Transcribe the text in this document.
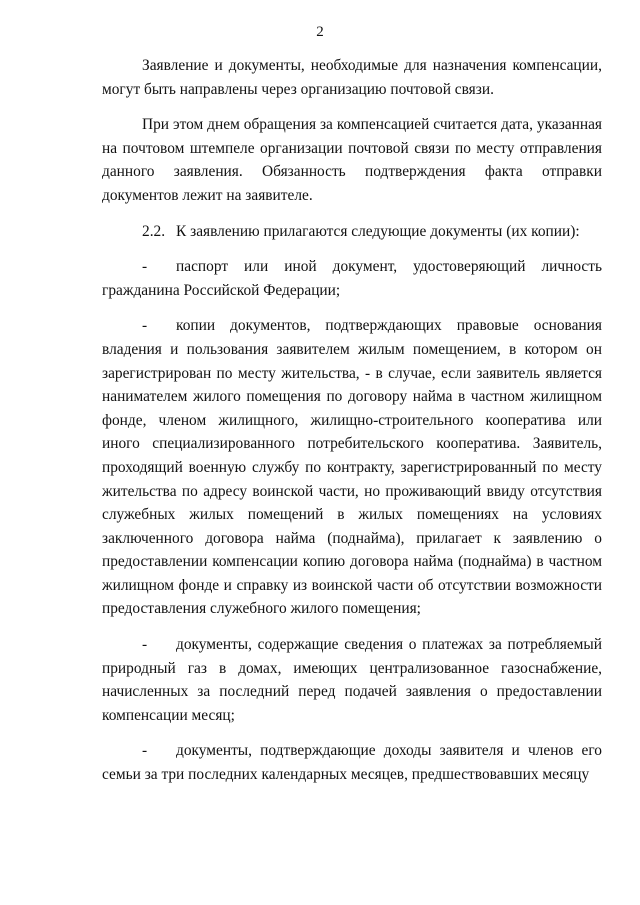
2

Заявление и документы, необходимые для назначения компенсации, могут быть направлены через организацию почтовой связи.

При этом днем обращения за компенсацией считается дата, указанная на почтовом штемпеле организации почтовой связи по месту отправления данного заявления. Обязанность подтверждения факта отправки документов лежит на заявителе.

2.2. К заявлению прилагаются следующие документы (их копии):

- паспорт или иной документ, удостоверяющий личность гражданина Российской Федерации;

- копии документов, подтверждающих правовые основания владения и пользования заявителем жилым помещением, в котором он зарегистрирован по месту жительства, - в случае, если заявитель является нанимателем жилого помещения по договору найма в частном жилищном фонде, членом жилищного, жилищно-строительного кооператива или иного специализированного потребительского кооператива. Заявитель, проходящий военную службу по контракту, зарегистрированный по месту жительства по адресу воинской части, но проживающий ввиду отсутствия служебных жилых помещений в жилых помещениях на условиях заключенного договора найма (поднайма), прилагает к заявлению о предоставлении компенсации копию договора найма (поднайма) в частном жилищном фонде и справку из воинской части об отсутствии возможности предоставления служебного жилого помещения;

- документы, содержащие сведения о платежах за потребляемый природный газ в домах, имеющих централизованное газоснабжение, начисленных за последний перед подачей заявления о предоставлении компенсации месяц;

- документы, подтверждающие доходы заявителя и членов его семьи за три последних календарных месяцев, предшествовавших месяцу
